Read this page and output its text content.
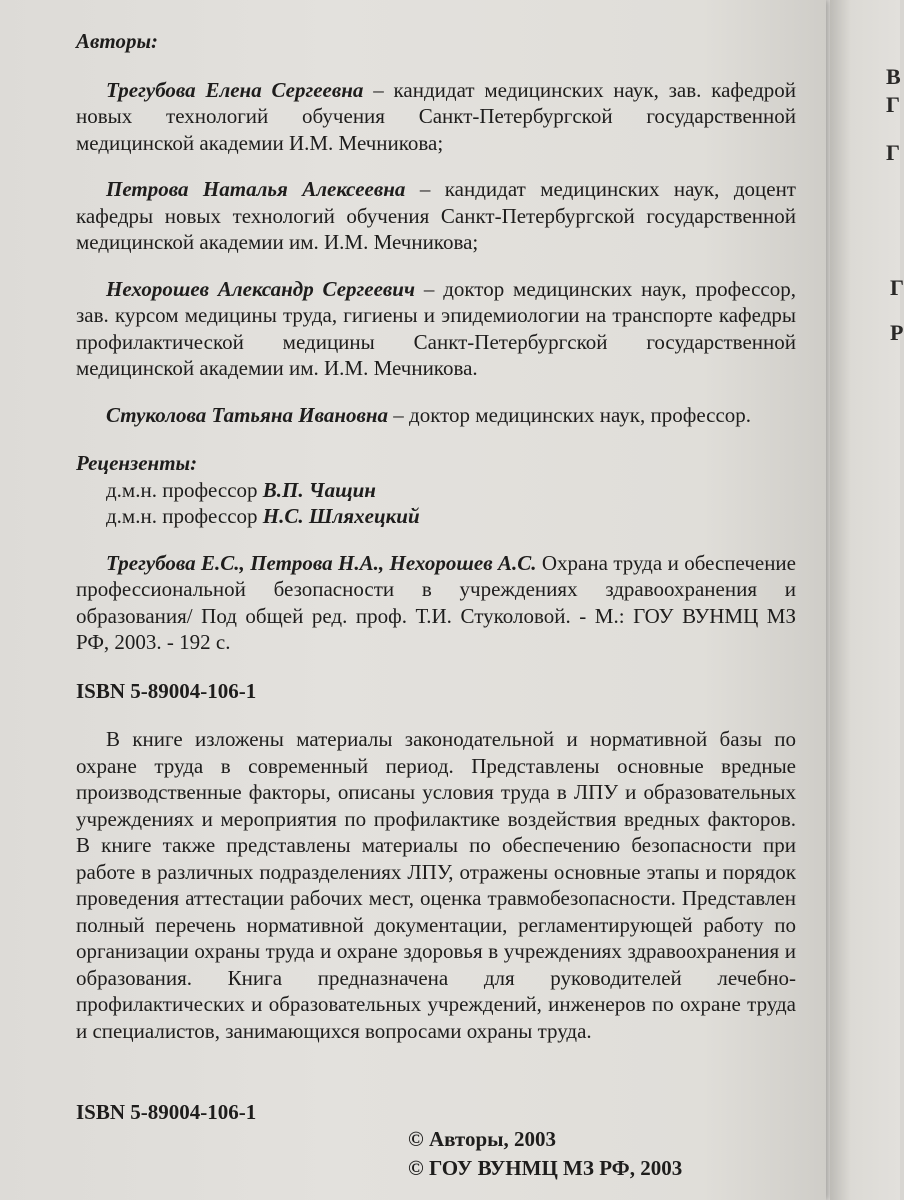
Авторы:

Трегубова Елена Сергеевна – кандидат медицинских наук, зав. кафедрой новых технологий обучения Санкт-Петербургской государственной медицинской академии И.М. Мечникова;

Петрова Наталья Алексеевна – кандидат медицинских наук, доцент кафедры новых технологий обучения Санкт-Петербургской государственной медицинской академии им. И.М. Мечникова;

Нехорошев Александр Сергеевич – доктор медицинских наук, профессор, зав. курсом медицины труда, гигиены и эпидемиологии на транспорте кафедры профилактической медицины Санкт-Петербургской государственной медицинской академии им. И.М. Мечникова.

Стуколова Татьяна Ивановна – доктор медицинских наук, профессор.

Рецензенты:

д.м.н. профессор В.П. Чащин

д.м.н. профессор Н.С. Шляхецкий

Трегубова Е.С., Петрова Н.А., Нехорошев А.С. Охрана труда и обеспечение профессиональной безопасности в учреждениях здравоохранения и образования/ Под общей ред. проф. Т.И. Стуколовой. - М.: ГОУ ВУНМЦ МЗ РФ, 2003. - 192 с.

ISBN 5-89004-106-1

В книге изложены материалы законодательной и нормативной базы по охране труда в современный период. Представлены основные вредные производственные факторы, описаны условия труда в ЛПУ и образовательных учреждениях и мероприятия по профилактике воздействия вредных факторов. В книге также представлены материалы по обеспечению безопасности при работе в различных подразделениях ЛПУ, отражены основные этапы и порядок проведения аттестации рабочих мест, оценка травмобезопасности. Представлен полный перечень нормативной документации, регламентирующей работу по организации охраны труда и охране здоровья в учреждениях здравоохранения и образования. Книга предназначена для руководителей лечебно-профилактических и образовательных учреждений, инженеров по охране труда и специалистов, занимающихся вопросами охраны труда.

ISBN 5-89004-106-1
© Авторы, 2003
© ГОУ ВУНМЦ МЗ РФ, 2003
В
Г
Г
Г
Р
